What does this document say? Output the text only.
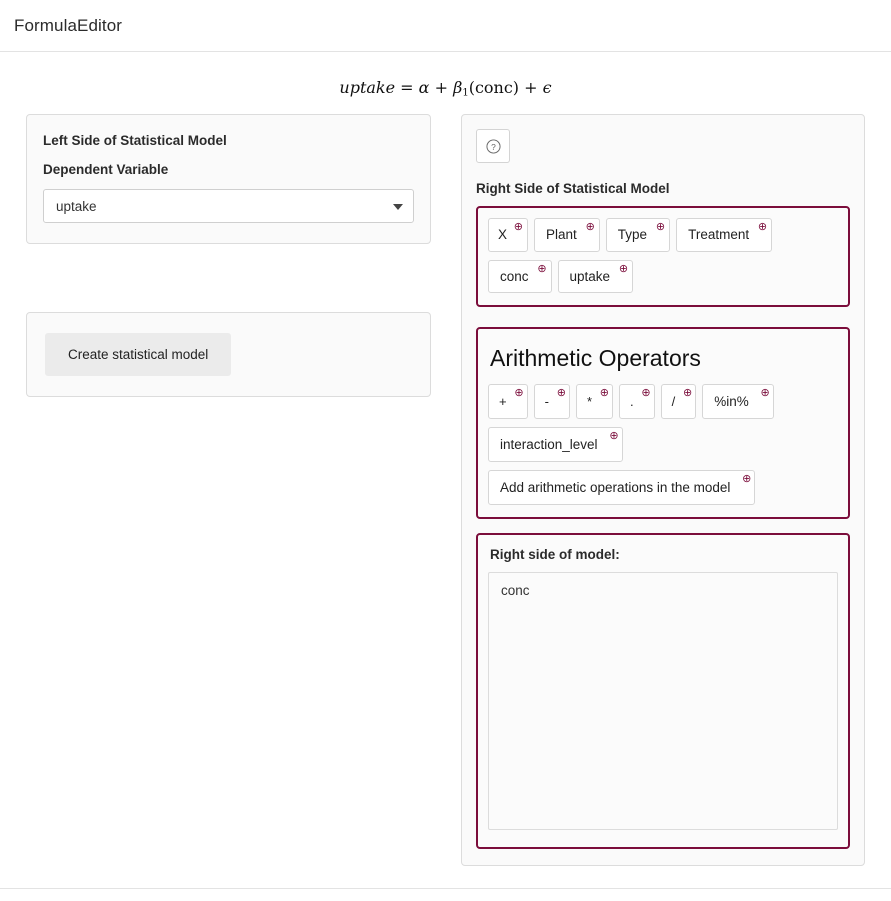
FormulaEditor
uptake = $\alpha + \beta_1(conc) + \epsilon$
Left Side of Statistical Model
Dependent Variable
uptake
Create statistical model
?
Right Side of Statistical Model
X ⊕	Plant ⊕	Type ⊕	Treatment ⊕
conc ⊕	uptake ⊕
Arithmetic Operators
+
⊕
-
⊕
*
⊕
.
⊕
/
⊕
%in%
⊕
interaction_level
⊕
Add arithmetic operations in the model
⊕
Right side of model:
conc
